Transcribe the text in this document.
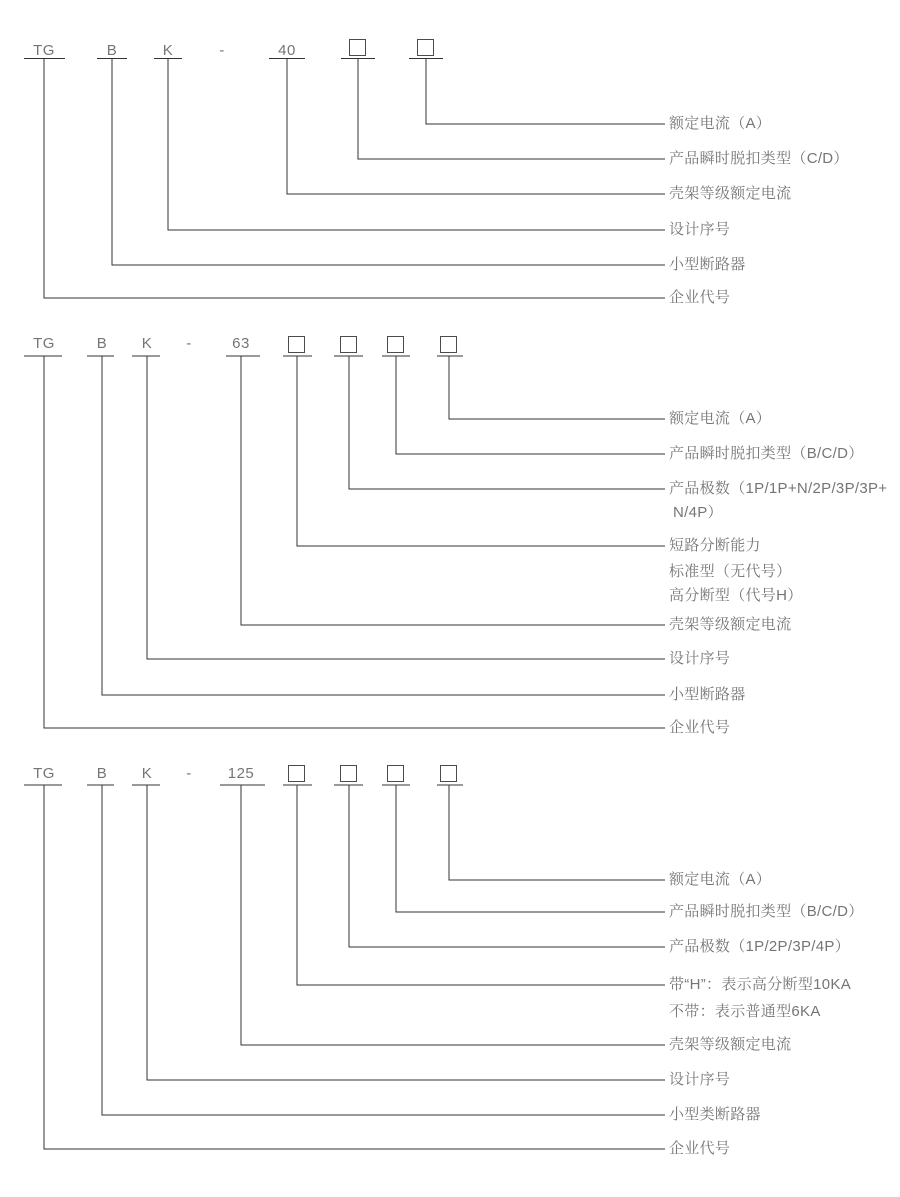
TG	B	K	-	40
额定电流（A）
产品瞬时脱扣类型（C/D）
壳架等级额定电流
设计序号
小型断路器
企业代号
TG	B	K	-	63
额定电流（A）
产品瞬时脱扣类型（B/C/D）
产品极数（1P/1P+N/2P/3P/3P+
N/4P）
短路分断能力
标准型（无代号）
高分断型（代号H）
壳架等级额定电流
设计序号
小型断路器
企业代号
TG	B	K	-	125
额定电流（A）
产品瞬时脱扣类型（B/C/D）
产品极数（1P/2P/3P/4P）
带“H”：表示高分断型10KA
不带：表示普通型6KA
壳架等级额定电流
设计序号
小型类断路器
企业代号
